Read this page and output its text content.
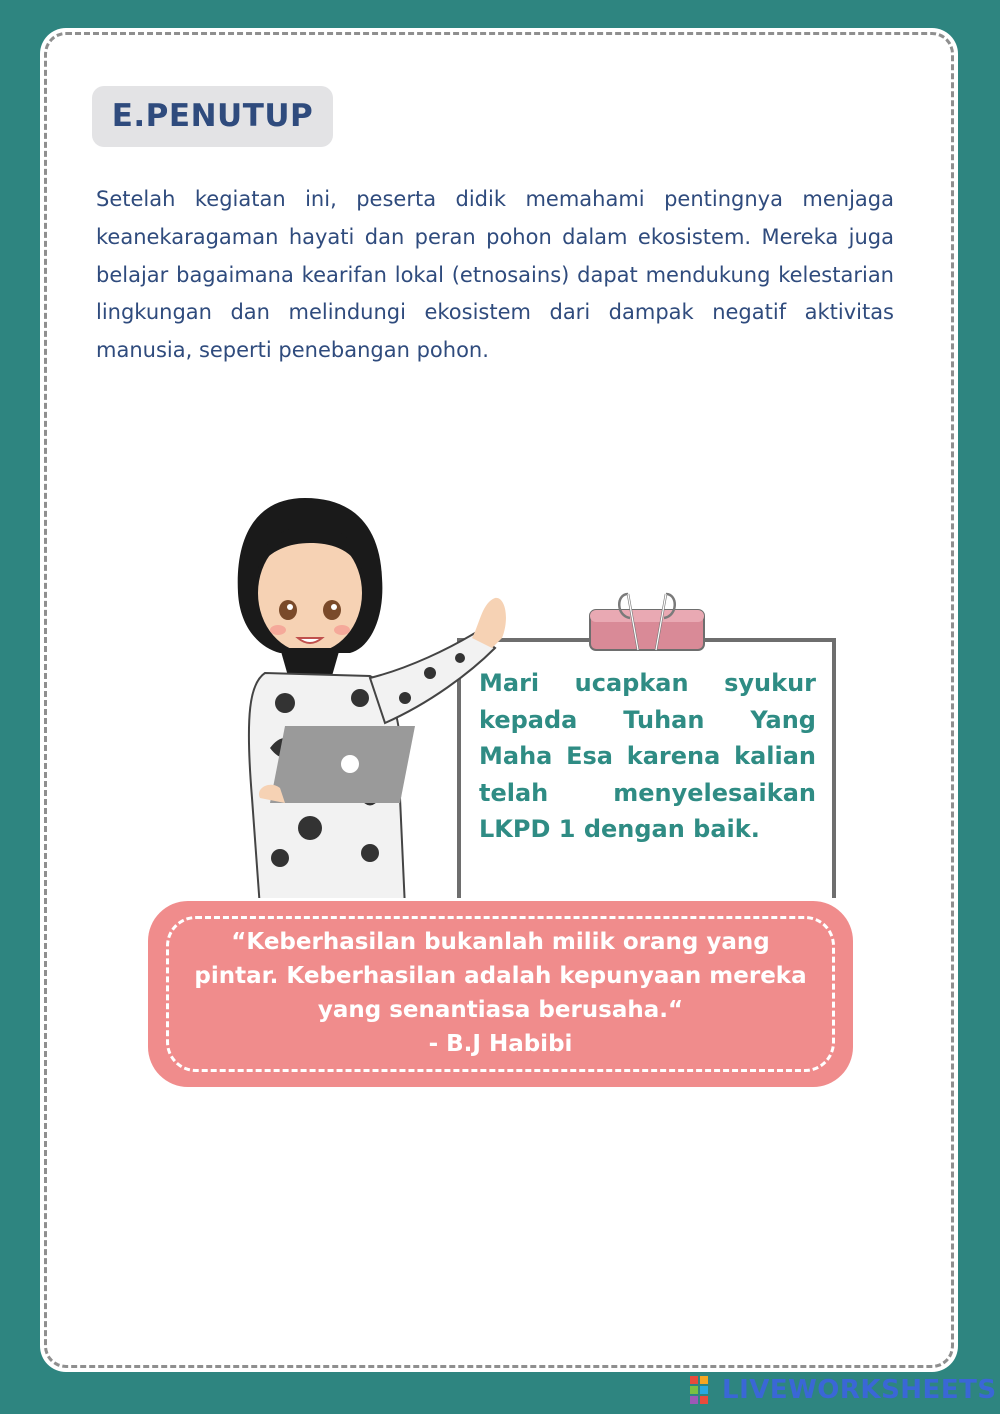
E.PENUTUP

Setelah kegiatan ini, peserta didik memahami pentingnya menjaga keanekaragaman hayati dan peran pohon dalam ekosistem. Mereka juga belajar bagaimana kearifan lokal (etnosains) dapat mendukung kelestarian lingkungan dan melindungi ekosistem dari dampak negatif aktivitas manusia, seperti penebangan pohon.

Mari ucapkan syukur kepada Tuhan Yang Maha Esa karena kalian telah menyelesaikan LKPD 1 dengan baik.

“Keberhasilan bukanlah milik orang yang pintar. Keberhasilan adalah kepunyaan mereka yang senantiasa berusaha.“
- B.J Habibi

LIVEWORKSHEETS
